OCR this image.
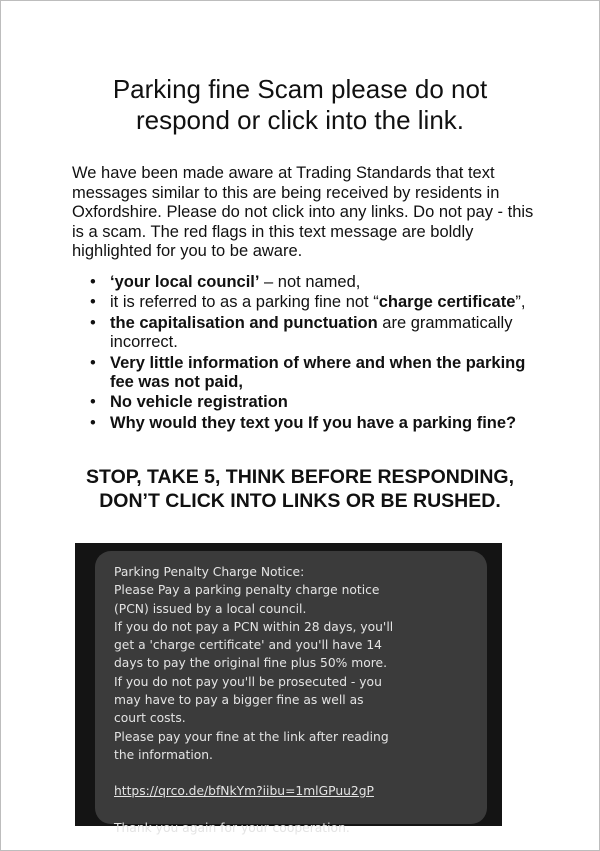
Parking fine Scam please do not
respond or click into the link.

We have been made aware at Trading Standards that text messages similar to this are being received by residents in Oxfordshire. Please do not click into any links. Do not pay - this is a scam. The red flags in this text message are boldly highlighted for you to be aware.

• ‘your local council’ – not named,
• it is referred to as a parking fine not “charge certificate”,
• the capitalisation and punctuation are grammatically incorrect.
• Very little information of where and when the parking fee was not paid,
• No vehicle registration
• Why would they text you If you have a parking fine?
STOP, TAKE 5, THINK BEFORE RESPONDING,
DON’T CLICK INTO LINKS OR BE RUSHED.
Parking Penalty Charge Notice:
Please Pay a parking penalty charge notice
(PCN) issued by a local council.
If you do not pay a PCN within 28 days, you'll
get a 'charge certificate' and you'll have 14
days to pay the original fine plus 50% more.
If you do not pay you'll be prosecuted - you
may have to pay a bigger fine as well as
court costs.
Please pay your fine at the link after reading
the information.
https://qrco.de/bfNkYm?iibu=1mlGPuu2gP
Thank you again for your cooperation.
